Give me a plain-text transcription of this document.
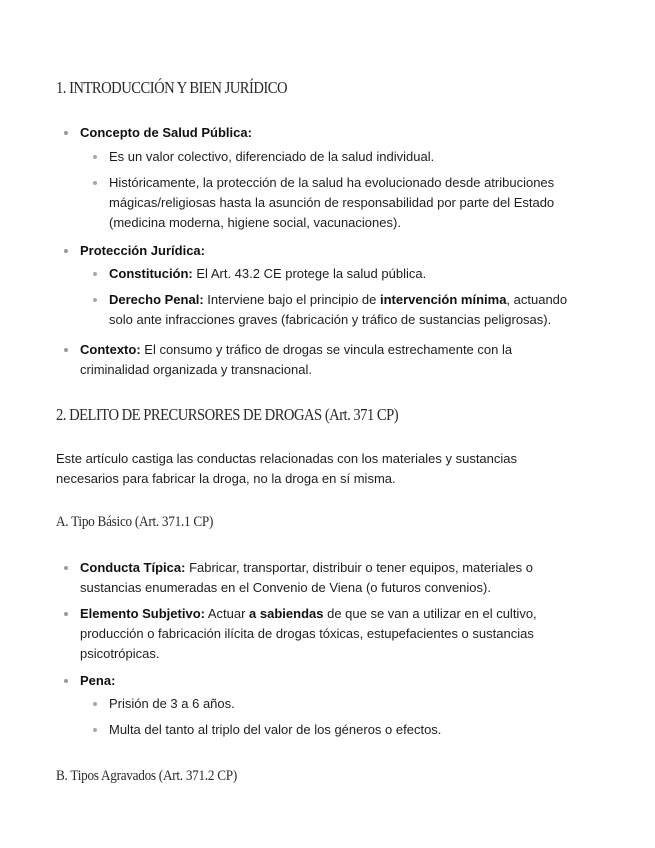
1. INTRODUCCIÓN Y BIEN JURÍDICO
Concepto de Salud Pública:
Es un valor colectivo, diferenciado de la salud individual.
Históricamente, la protección de la salud ha evolucionado desde atribuciones mágicas/religiosas hasta la asunción de responsabilidad por parte del Estado (medicina moderna, higiene social, vacunaciones).
Protección Jurídica:
Constitución: El Art. 43.2 CE protege la salud pública.
Derecho Penal: Interviene bajo el principio de intervención mínima, actuando solo ante infracciones graves (fabricación y tráfico de sustancias peligrosas).
Contexto: El consumo y tráfico de drogas se vincula estrechamente con la criminalidad organizada y transnacional.
2. DELITO DE PRECURSORES DE DROGAS (Art. 371 CP)

Este artículo castiga las conductas relacionadas con los materiales y sustancias necesarios para fabricar la droga, no la droga en sí misma.

A. Tipo Básico (Art. 371.1 CP)
Conducta Típica: Fabricar, transportar, distribuir o tener equipos, materiales o sustancias enumeradas en el Convenio de Viena (o futuros convenios).
Elemento Subjetivo: Actuar a sabiendas de que se van a utilizar en el cultivo, producción o fabricación ilícita de drogas tóxicas, estupefacientes o sustancias psicotrópicas.
Pena:
Prisión de 3 a 6 años.
Multa del tanto al triplo del valor de los géneros o efectos.
B. Tipos Agravados (Art. 371.2 CP)
